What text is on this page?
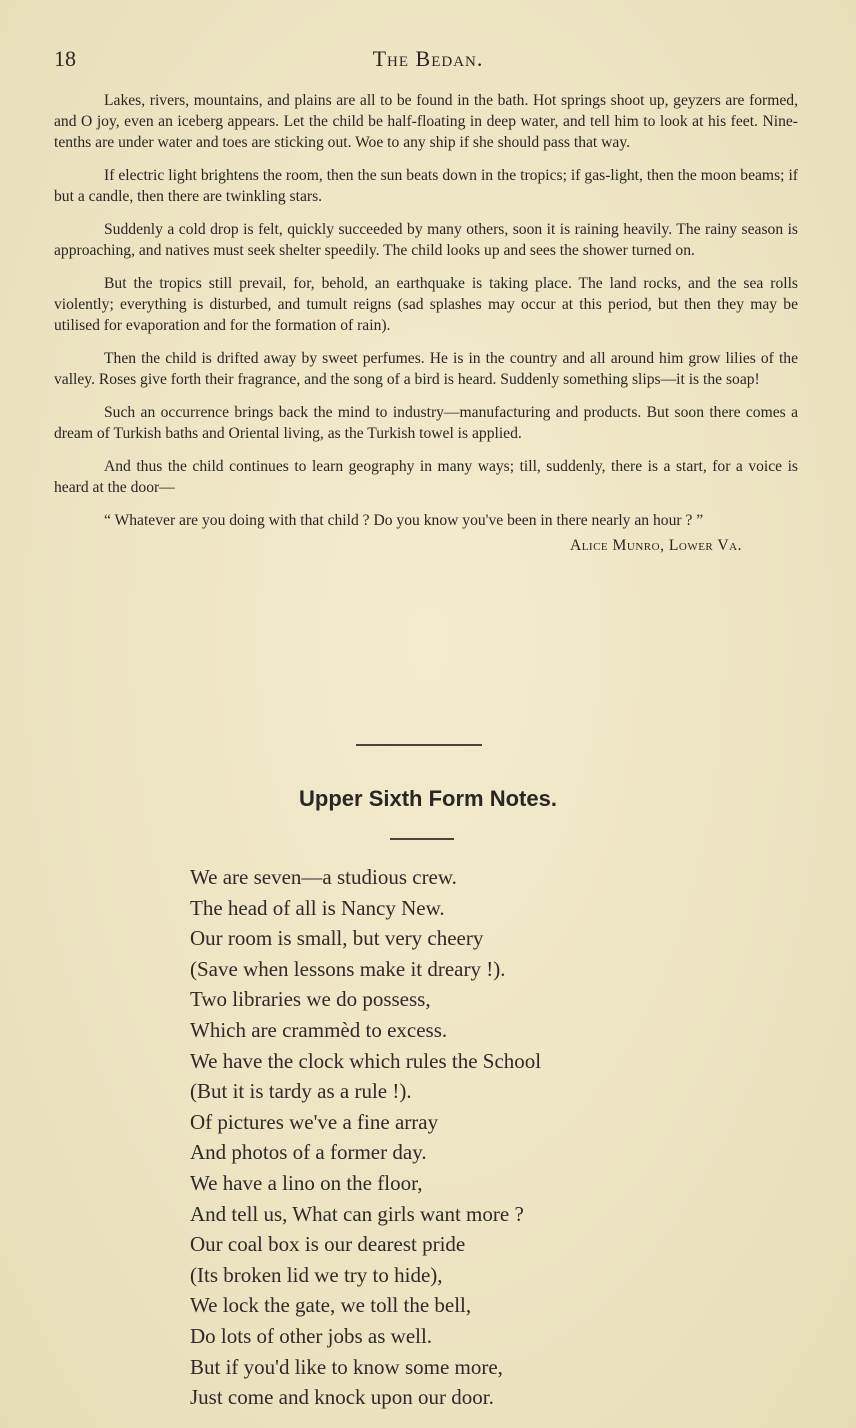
18	The Bedan.

Lakes, rivers, mountains, and plains are all to be found in the bath. Hot springs shoot up, geyzers are formed, and O joy, even an iceberg appears. Let the child be half-floating in deep water, and tell him to look at his feet. Nine-tenths are under water and toes are sticking out. Woe to any ship if she should pass that way.

If electric light brightens the room, then the sun beats down in the tropics; if gas-light, then the moon beams; if but a candle, then there are twinkling stars.

Suddenly a cold drop is felt, quickly succeeded by many others, soon it is raining heavily. The rainy season is approaching, and natives must seek shelter speedily. The child looks up and sees the shower turned on.

But the tropics still prevail, for, behold, an earthquake is taking place. The land rocks, and the sea rolls violently; everything is disturbed, and tumult reigns (sad splashes may occur at this period, but then they may be utilised for evaporation and for the formation of rain).

Then the child is drifted away by sweet perfumes. He is in the country and all around him grow lilies of the valley. Roses give forth their fragrance, and the song of a bird is heard. Suddenly something slips—it is the soap!

Such an occurrence brings back the mind to industry—manufacturing and products. But soon there comes a dream of Turkish baths and Oriental living, as the Turkish towel is applied.

And thus the child continues to learn geography in many ways; till, suddenly, there is a start, for a voice is heard at the door—

“ Whatever are you doing with that child ? Do you know you've been in there nearly an hour ? ”

Alice Munro, Lower Va.
Upper Sixth Form Notes.
We are seven—a studious crew.
The head of all is Nancy New.
Our room is small, but very cheery
(Save when lessons make it dreary !).
Two libraries we do possess,
Which are crammèd to excess.
We have the clock which rules the School
(But it is tardy as a rule !).
Of pictures we've a fine array
And photos of a former day.
We have a lino on the floor,
And tell us, What can girls want more ?
Our coal box is our dearest pride
(Its broken lid we try to hide),
We lock the gate, we toll the bell,
Do lots of other jobs as well.
But if you'd like to know some more,
Just come and knock upon our door.
